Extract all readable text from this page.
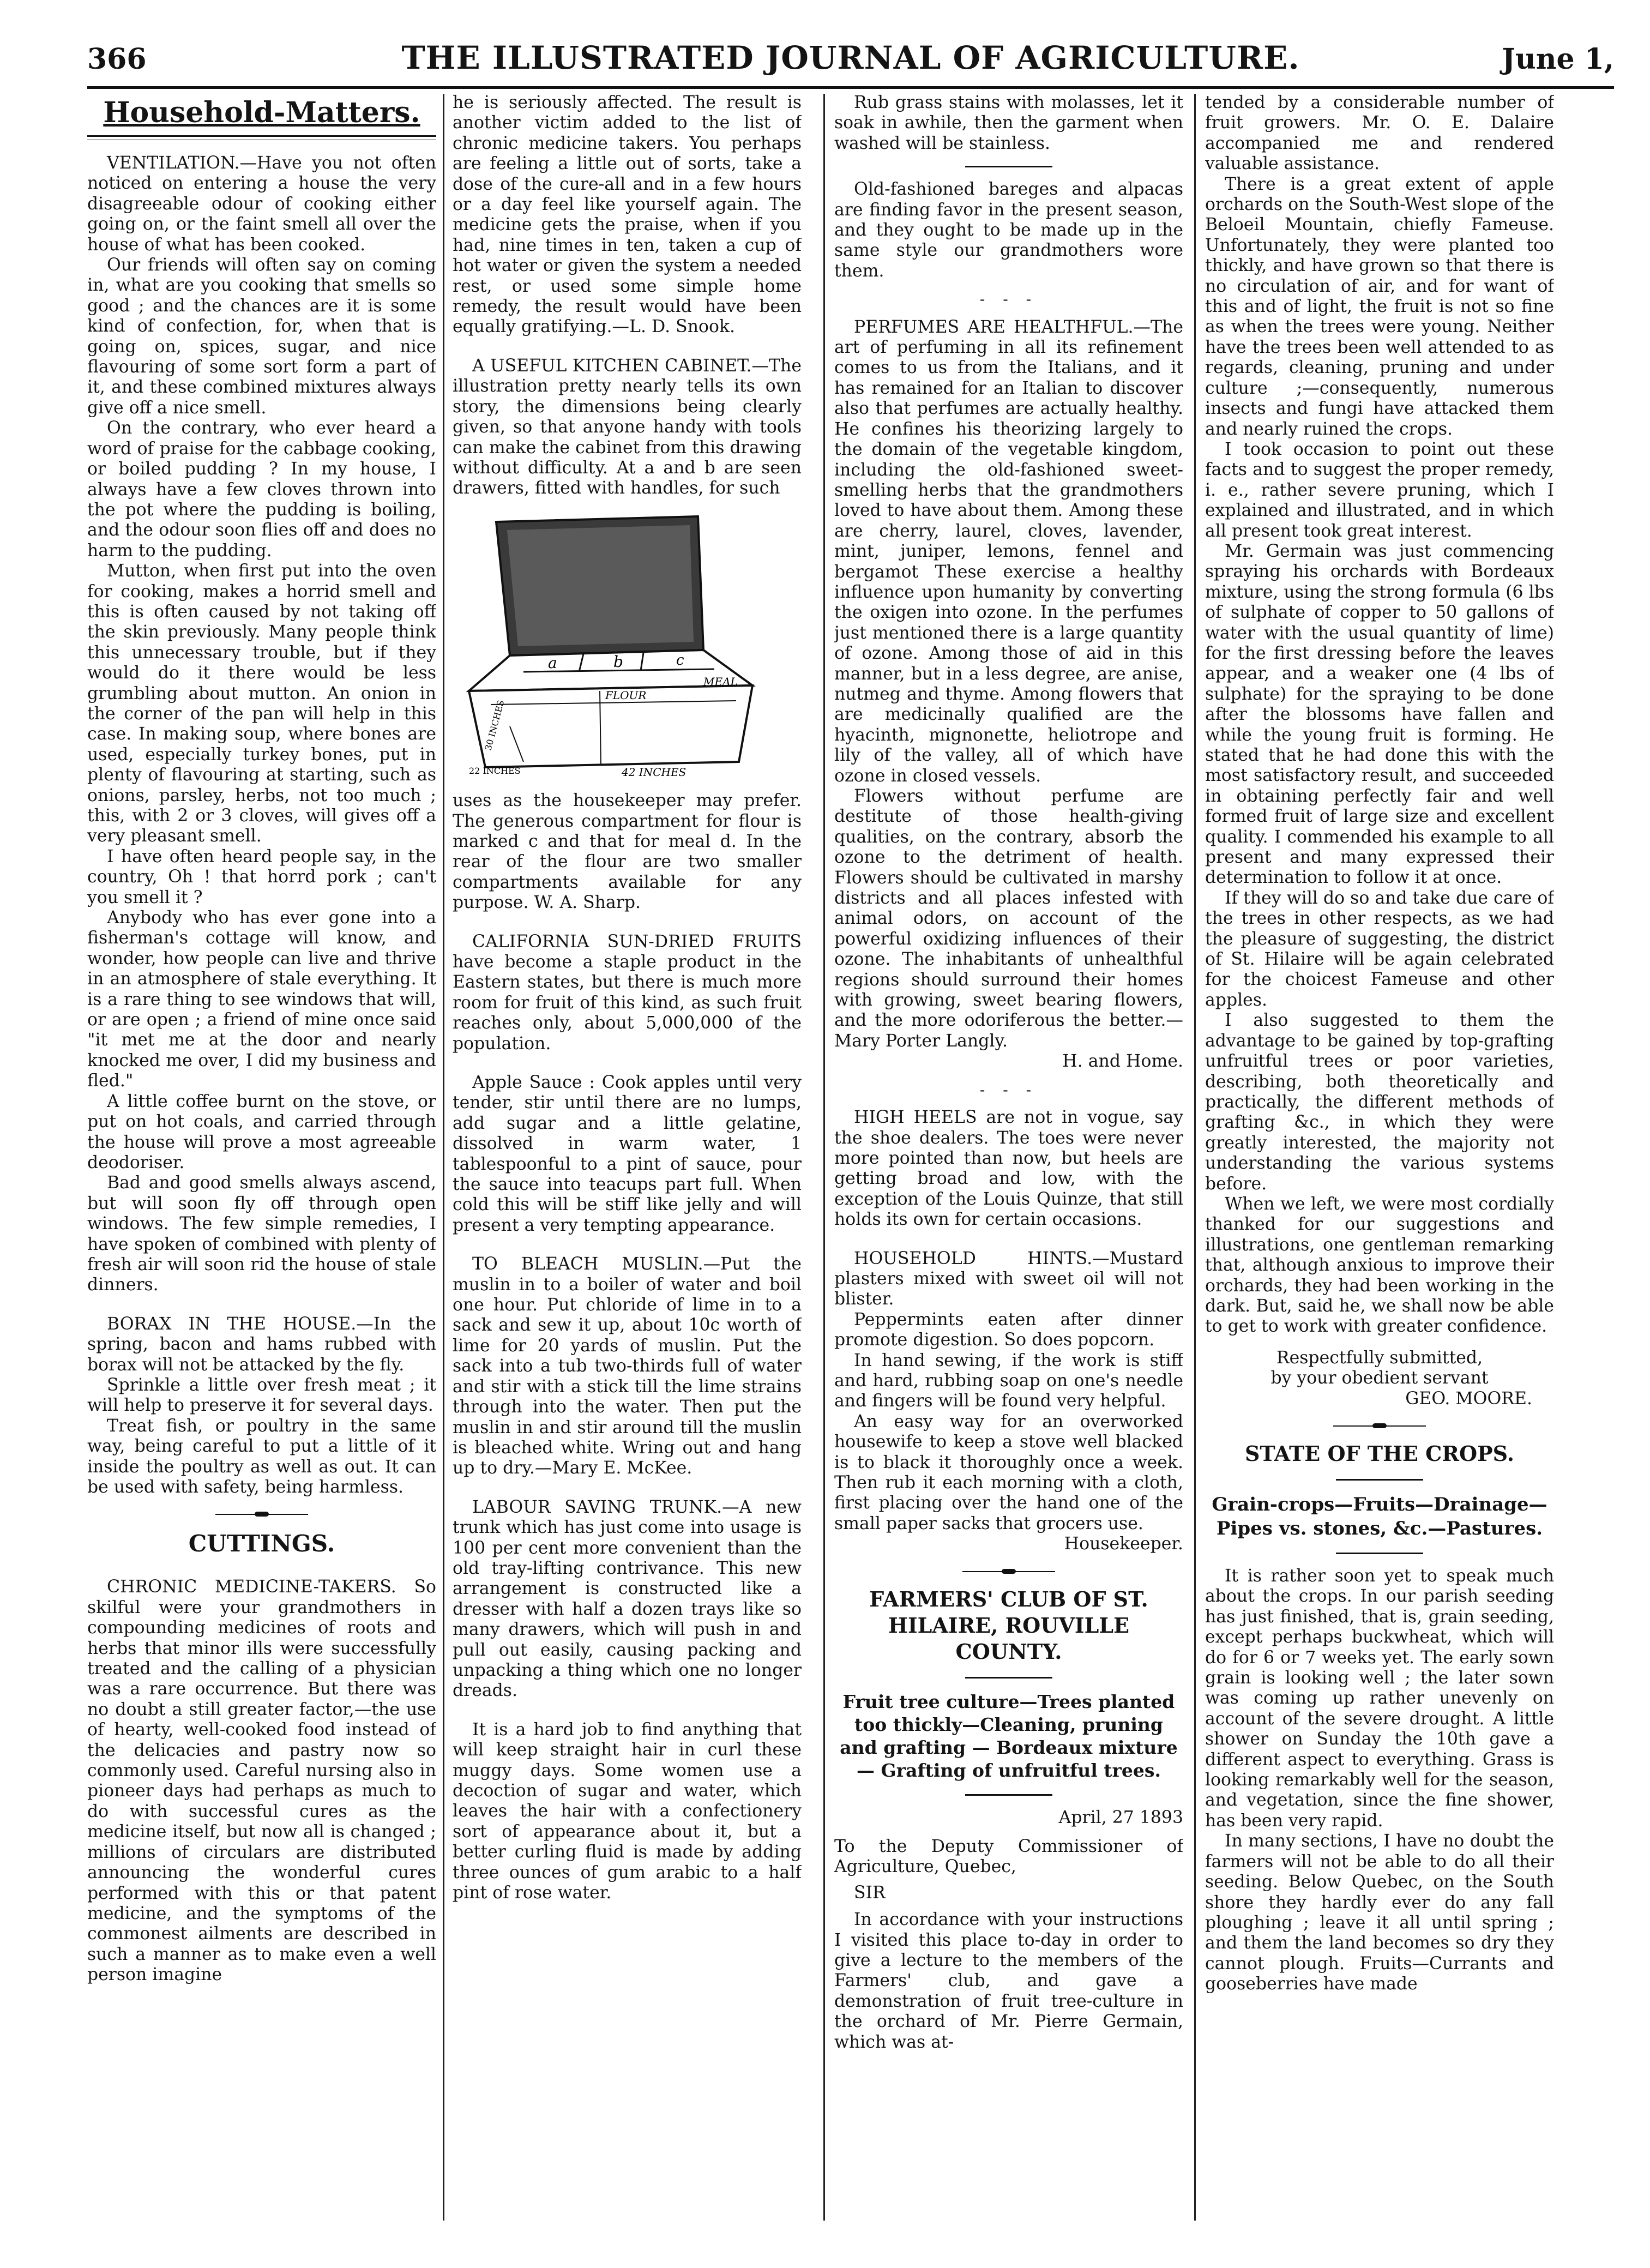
366	THE ILLUSTRATED JOURNAL OF AGRICULTURE.	June 1,
Household-Matters.

VENTILATION.—Have you not often noticed on entering a house the very disagreeable odour of cooking either going on, or the faint smell all over the house of what has been cooked.

Our friends will often say on coming in, what are you cooking that smells so good ; and the chances are it is some kind of confection, for, when that is going on, spices, sugar, and nice flavouring of some sort form a part of it, and these combined mixtures always give off a nice smell.

On the contrary, who ever heard a word of praise for the cabbage cooking, or boiled pudding ? In my house, I always have a few cloves thrown into the pot where the pudding is boiling, and the odour soon flies off and does no harm to the pudding.

Mutton, when first put into the oven for cooking, makes a horrid smell and this is often caused by not taking off the skin previously. Many people think this unnecessary trouble, but if they would do it there would be less grumbling about mutton. An onion in the corner of the pan will help in this case. In making soup, where bones are used, especially turkey bones, put in plenty of flavouring at starting, such as onions, parsley, herbs, not too much ; this, with 2 or 3 cloves, will gives off a very pleasant smell.

I have often heard people say, in the country, Oh ! that horrd pork ; can't you smell it ?

Anybody who has ever gone into a fisherman's cottage will know, and wonder, how people can live and thrive in an atmosphere of stale everything. It is a rare thing to see windows that will, or are open ; a friend of mine once said "it met me at the door and nearly knocked me over, I did my business and fled."

A little coffee burnt on the stove, or put on hot coals, and carried through the house will prove a most agreeable deodoriser.

Bad and good smells always ascend, but will soon fly off through open windows. The few simple remedies, I have spoken of combined with plenty of fresh air will soon rid the house of stale dinners.

BORAX IN THE HOUSE.—In the spring, bacon and hams rubbed with borax will not be attacked by the fly.

Sprinkle a little over fresh meat ; it will help to preserve it for several days.

Treat fish, or poultry in the same way, being careful to put a little of it inside the poultry as well as out. It can be used with safety, being harmless.

CUTTINGS.

CHRONIC MEDICINE-TAKERS. So skilful were your grandmothers in compounding medicines of roots and herbs that minor ills were successfully treated and the calling of a physician was a rare occurrence. But there was no doubt a still greater factor,—the use of hearty, well-cooked food instead of the delicacies and pastry now so commonly used. Careful nursing also in pioneer days had perhaps as much to do with successful cures as the medicine itself, but now all is changed ; millions of circulars are distributed announcing the wonderful cures performed with this or that patent medicine, and the symptoms of the commonest ailments are described in such a manner as to make even a well person imagine

he is seriously affected. The result is another victim added to the list of chronic medicine takers. You perhaps are feeling a little out of sorts, take a dose of the cure-all and in a few hours or a day feel like yourself again. The medicine gets the praise, when if you had, nine times in ten, taken a cup of hot water or given the system a needed rest, or used some simple home remedy, the result would have been equally gratifying.—L. D. Snook.

A USEFUL KITCHEN CABINET.—The illustration pretty nearly tells its own story, the dimensions being clearly given, so that anyone handy with tools can make the cabinet from this drawing without difficulty. At a and b are seen drawers, fitted with handles, for such

a	b	c
FLOUR
MEAL
30 INCHES
22 INCHES	42 INCHES

uses as the housekeeper may prefer. The generous compartment for flour is marked c and that for meal d. In the rear of the flour are two smaller compartments available for any purpose. W. A. Sharp.

CALIFORNIA SUN-DRIED FRUITS have become a staple product in the Eastern states, but there is much more room for fruit of this kind, as such fruit reaches only, about 5,000,000 of the population.

Apple Sauce : Cook apples until very tender, stir until there are no lumps, add sugar and a little gelatine, dissolved in warm water, 1 tablespoonful to a pint of sauce, pour the sauce into teacups part full. When cold this will be stiff like jelly and will present a very tempting appearance.

TO BLEACH MUSLIN.—Put the muslin in to a boiler of water and boil one hour. Put chloride of lime in to a sack and sew it up, about 10c worth of lime for 20 yards of muslin. Put the sack into a tub two-thirds full of water and stir with a stick till the lime strains through into the water. Then put the muslin in and stir around till the muslin is bleached white. Wring out and hang up to dry.—Mary E. McKee.

LABOUR SAVING TRUNK.—A new trunk which has just come into usage is 100 per cent more convenient than the old tray-lifting contrivance. This new arrangement is constructed like a dresser with half a dozen trays like so many drawers, which will push in and pull out easily, causing packing and unpacking a thing which one no longer dreads.

It is a hard job to find anything that will keep straight hair in curl these muggy days. Some women use a decoction of sugar and water, which leaves the hair with a confectionery sort of appearance about it, but a better curling fluid is made by adding three ounces of gum arabic to a half pint of rose water.

Rub grass stains with molasses, let it soak in awhile, then the garment when washed will be stainless.

Old-fashioned bareges and alpacas are finding favor in the present season, and they ought to be made up in the same style our grandmothers wore them.

- - -

PERFUMES ARE HEALTHFUL.—The art of perfuming in all its refinement comes to us from the Italians, and it has remained for an Italian to discover also that perfumes are actually healthy. He confines his theorizing largely to the domain of the vegetable kingdom, including the old-fashioned sweet-smelling herbs that the grandmothers loved to have about them. Among these are cherry, laurel, cloves, lavender, mint, juniper, lemons, fennel and bergamot These exercise a healthy influence upon humanity by converting the oxigen into ozone. In the perfumes just mentioned there is a large quantity of ozone. Among those of aid in this manner, but in a less degree, are anise, nutmeg and thyme. Among flowers that are medicinally qualified are the hyacinth, mignonette, heliotrope and lily of the valley, all of which have ozone in closed vessels.

Flowers without perfume are destitute of those health-giving qualities, on the contrary, absorb the ozone to the detriment of health. Flowers should be cultivated in marshy districts and all places infested with animal odors, on account of the powerful oxidizing influences of their ozone. The inhabitants of unhealthful regions should surround their homes with growing, sweet bearing flowers, and the more odoriferous the better.—Mary Porter Langly.

H. and Home.

- - -

HIGH HEELS are not in vogue, say the shoe dealers. The toes were never more pointed than now, but heels are getting broad and low, with the exception of the Louis Quinze, that still holds its own for certain occasions.

HOUSEHOLD HINTS.—Mustard plasters mixed with sweet oil will not blister.

Peppermints eaten after dinner promote digestion. So does popcorn.

In hand sewing, if the work is stiff and hard, rubbing soap on one's needle and fingers will be found very helpful.

An easy way for an overworked housewife to keep a stove well blacked is to black it thoroughly once a week. Then rub it each morning with a cloth, first placing over the hand one of the small paper sacks that grocers use.

Housekeeper.

FARMERS' CLUB OF ST. HILAIRE, ROUVILLE COUNTY.
Fruit tree culture—Trees planted too thickly—Cleaning, pruning and grafting — Bordeaux mixture — Grafting of unfruitful trees.

April, 27 1893

To the Deputy Commissioner of Agriculture, Quebec,

SIR

In accordance with your instructions I visited this place to-day in order to give a lecture to the members of the Farmers' club, and gave a demonstration of fruit tree-culture in the orchard of Mr. Pierre Germain, which was at-

tended by a considerable number of fruit growers. Mr. O. E. Dalaire accompanied me and rendered valuable assistance.

There is a great extent of apple orchards on the South-West slope of the Beloeil Mountain, chiefly Fameuse. Unfortunately, they were planted too thickly, and have grown so that there is no circulation of air, and for want of this and of light, the fruit is not so fine as when the trees were young. Neither have the trees been well attended to as regards, cleaning, pruning and under culture ;—consequently, numerous insects and fungi have attacked them and nearly ruined the crops.

I took occasion to point out these facts and to suggest the proper remedy, i. e., rather severe pruning, which I explained and illustrated, and in which all present took great interest.

Mr. Germain was just commencing spraying his orchards with Bordeaux mixture, using the strong formula (6 lbs of sulphate of copper to 50 gallons of water with the usual quantity of lime) for the first dressing before the leaves appear, and a weaker one (4 lbs of sulphate) for the spraying to be done after the blossoms have fallen and while the young fruit is forming. He stated that he had done this with the most satisfactory result, and succeeded in obtaining perfectly fair and well formed fruit of large size and excellent quality. I commended his example to all present and many expressed their determination to follow it at once.

If they will do so and take due care of the trees in other respects, as we had the pleasure of suggesting, the district of St. Hilaire will be again celebrated for the choicest Fameuse and other apples.

I also suggested to them the advantage to be gained by top-grafting unfruitful trees or poor varieties, describing, both theoretically and practically, the different methods of grafting &c., in which they were greatly interested, the majority not understanding the various systems before.

When we left, we were most cordially thanked for our suggestions and illustrations, one gentleman remarking that, although anxious to improve their orchards, they had been working in the dark. But, said he, we shall now be able to get to work with greater confidence.

Respectfully submitted,

by your obedient servant

GEO. MOORE.

STATE OF THE CROPS.
Grain-crops—Fruits—Drainage—Pipes vs. stones, &c.—Pastures.

It is rather soon yet to speak much about the crops. In our parish seeding has just finished, that is, grain seeding, except perhaps buckwheat, which will do for 6 or 7 weeks yet. The early sown grain is looking well ; the later sown was coming up rather unevenly on account of the severe drought. A little shower on Sunday the 10th gave a different aspect to everything. Grass is looking remarkably well for the season, and vegetation, since the fine shower, has been very rapid.

In many sections, I have no doubt the farmers will not be able to do all their seeding. Below Quebec, on the South shore they hardly ever do any fall ploughing ; leave it all until spring ; and them the land becomes so dry they cannot plough. Fruits—Currants and gooseberries have made
